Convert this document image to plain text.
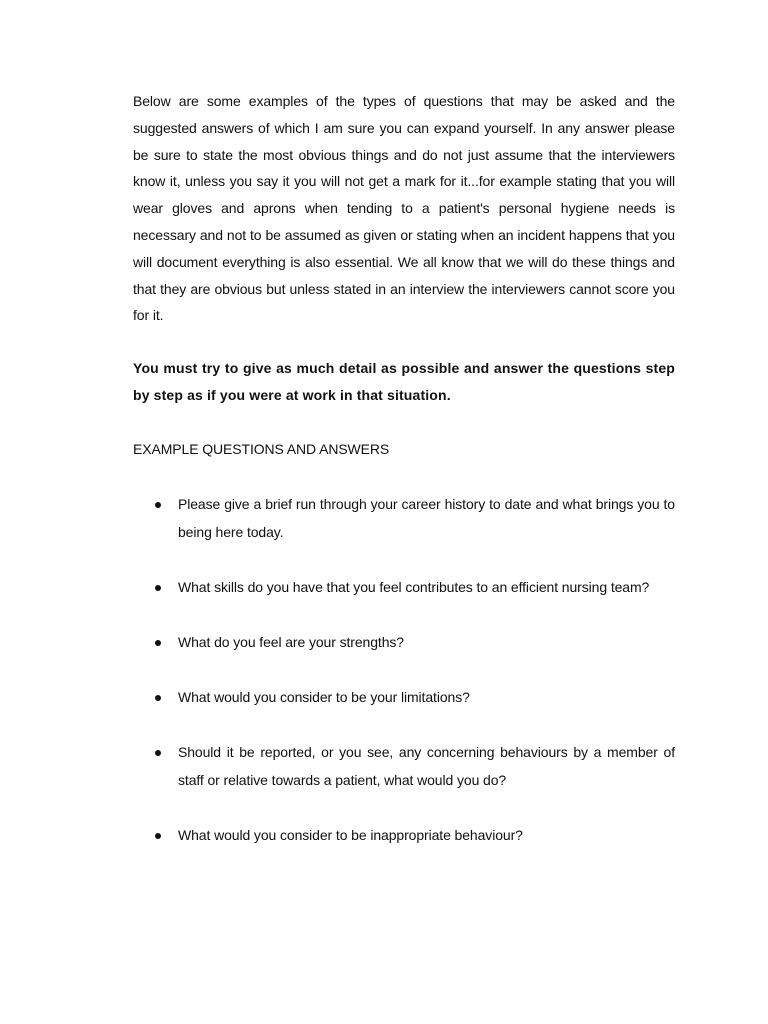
Below are some examples of the types of questions that may be asked and the suggested answers of which I am sure you can expand yourself. In any answer please be sure to state the most obvious things and do not just assume that the interviewers know it, unless you say it you will not get a mark for it...for example stating that you will wear gloves and aprons when tending to a patient's personal hygiene needs is necessary and not to be assumed as given or stating when an incident happens that you will document everything is also essential. We all know that we will do these things and that they are obvious but unless stated in an interview the interviewers cannot score you for it.

You must try to give as much detail as possible and answer the questions step by step as if you were at work in that situation.

EXAMPLE QUESTIONS AND ANSWERS

Please give a brief run through your career history to date and what brings you to being here today.
What skills do you have that you feel contributes to an efficient nursing team?
What do you feel are your strengths?
What would you consider to be your limitations?
Should it be reported, or you see, any concerning behaviours by a member of staff or relative towards a patient, what would you do?
What would you consider to be inappropriate behaviour?
